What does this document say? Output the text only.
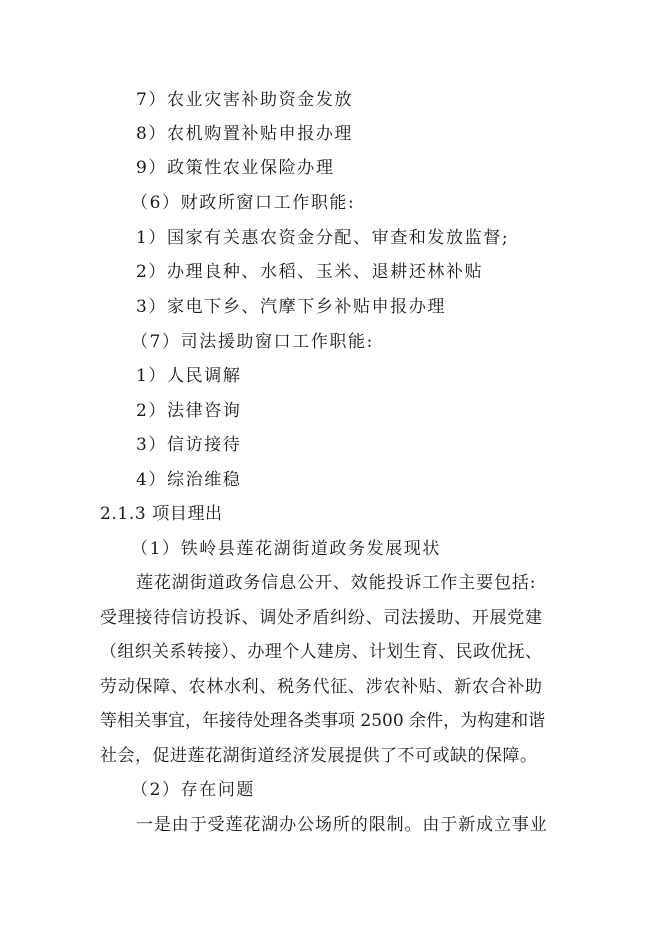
7）农业灾害补助资金发放
8）农机购置补贴申报办理
9）政策性农业保险办理
（6）财政所窗口工作职能:
1）国家有关惠农资金分配、审查和发放监督;
2）办理良种、水稻、玉米、退耕还林补贴
3）家电下乡、汽摩下乡补贴申报办理
（7）司法援助窗口工作职能:
1）人民调解
2）法律咨询
3）信访接待
4）综治维稳
2.1.3 项目理出
（1）铁岭县莲花湖街道政务发展现状
莲花湖街道政务信息公开、效能投诉工作主要包括:
受理接待信访投诉、调处矛盾纠纷、司法援助、开展党建
（组织关系转接）、办理个人建房、计划生育、民政优抚、
劳动保障、农林水利、税务代征、涉农补贴、新农合补助
等相关事宜，年接待处理各类事项 2500 余件，为构建和谐
社会，促进莲花湖街道经济发展提供了不可或缺的保障。
（2）存在问题
一是由于受莲花湖办公场所的限制。由于新成立事业
